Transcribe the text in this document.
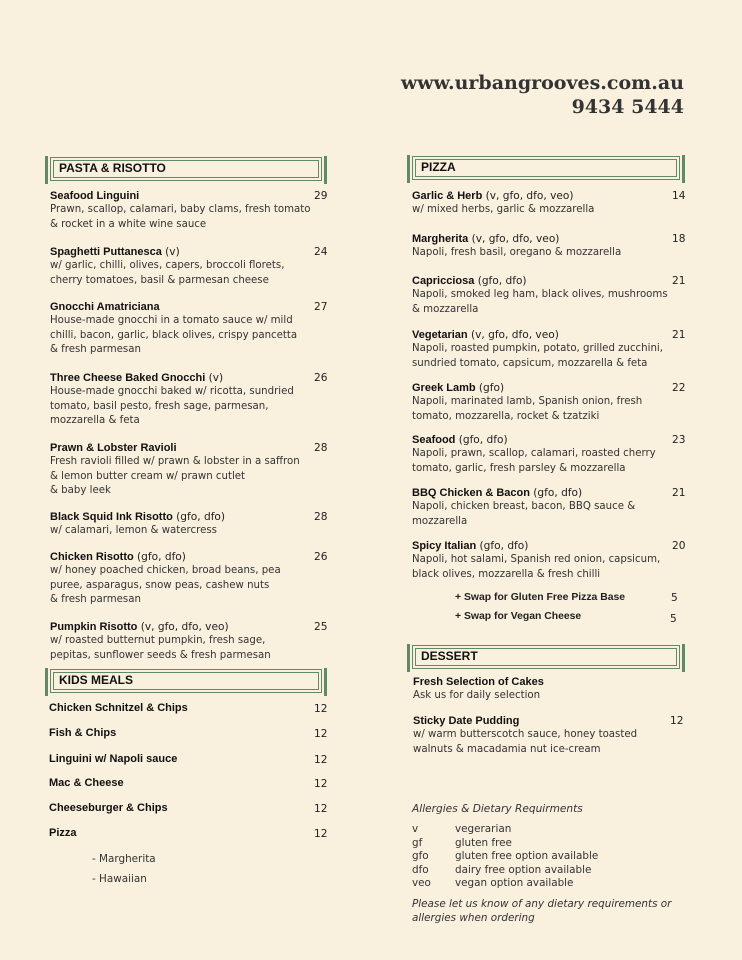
www.urbangrooves.com.au
9434 5444
PASTA & RISOTTO	PIZZA
KIDS MEALS
DESSERT
Seafood Linguini
Prawn, scallop, calamari, baby clams, fresh tomato
& rocket in a white wine sauce
29
Spaghetti Puttanesca (v)
w/ garlic, chilli, olives, capers, broccoli florets,
cherry tomatoes, basil & parmesan cheese
24
Gnocchi Amatriciana
House-made gnocchi in a tomato sauce w/ mild
chilli, bacon, garlic, black olives, crispy pancetta
& fresh parmesan
27
Three Cheese Baked Gnocchi (v)
House-made gnocchi baked w/ ricotta, sundried
tomato, basil pesto, fresh sage, parmesan,
mozzarella & feta
26
Prawn & Lobster Ravioli
Fresh ravioli filled w/ prawn & lobster in a saffron
& lemon butter cream w/ prawn cutlet
& baby leek
28
Black Squid Ink Risotto (gfo, dfo)
w/ calamari, lemon & watercress
28
Chicken Risotto (gfo, dfo)
w/ honey poached chicken, broad beans, pea
puree, asparagus, snow peas, cashew nuts
& fresh parmesan
26
Pumpkin Risotto (v, gfo, dfo, veo)
w/ roasted butternut pumpkin, fresh sage,
pepitas, sunflower seeds & fresh parmesan
25
Chicken Schnitzel & Chips	12
Fish & Chips	12
Linguini w/ Napoli sauce	12
Mac & Cheese	12
Cheeseburger & Chips	12
Pizza	12
- Margherita
- Hawaiian
Garlic & Herb (v, gfo, dfo, veo)
w/ mixed herbs, garlic & mozzarella
14
Margherita (v, gfo, dfo, veo)
Napoli, fresh basil, oregano & mozzarella
18
Capricciosa (gfo, dfo)
Napoli, smoked leg ham, black olives, mushrooms
& mozzarella
21
Vegetarian (v, gfo, dfo, veo)
Napoli, roasted pumpkin, potato, grilled zucchini,
sundried tomato, capsicum, mozzarella & feta
21
Greek Lamb (gfo)
Napoli, marinated lamb, Spanish onion, fresh
tomato, mozzarella, rocket & tzatziki
22
Seafood (gfo, dfo)
Napoli, prawn, scallop, calamari, roasted cherry
tomato, garlic, fresh parsley & mozzarella
23
BBQ Chicken & Bacon (gfo, dfo)
Napoli, chicken breast, bacon, BBQ sauce &
mozzarella
21
Spicy Italian (gfo, dfo)
Napoli, hot salami, Spanish red onion, capsicum,
black olives, mozzarella & fresh chilli
20
+ Swap for Gluten Free Pizza Base	5
+ Swap for Vegan Cheese	5
Fresh Selection of Cakes
Ask us for daily selection
Sticky Date Pudding
w/ warm butterscotch sauce, honey toasted
walnuts & macadamia nut ice-cream
12
Allergies & Dietary Requirments
v	vegerarian
gf	gluten free
gfo	gluten free option available
dfo	dairy free option available
veo vegan option available
Please let us know of any dietary requirements or allergies when ordering
